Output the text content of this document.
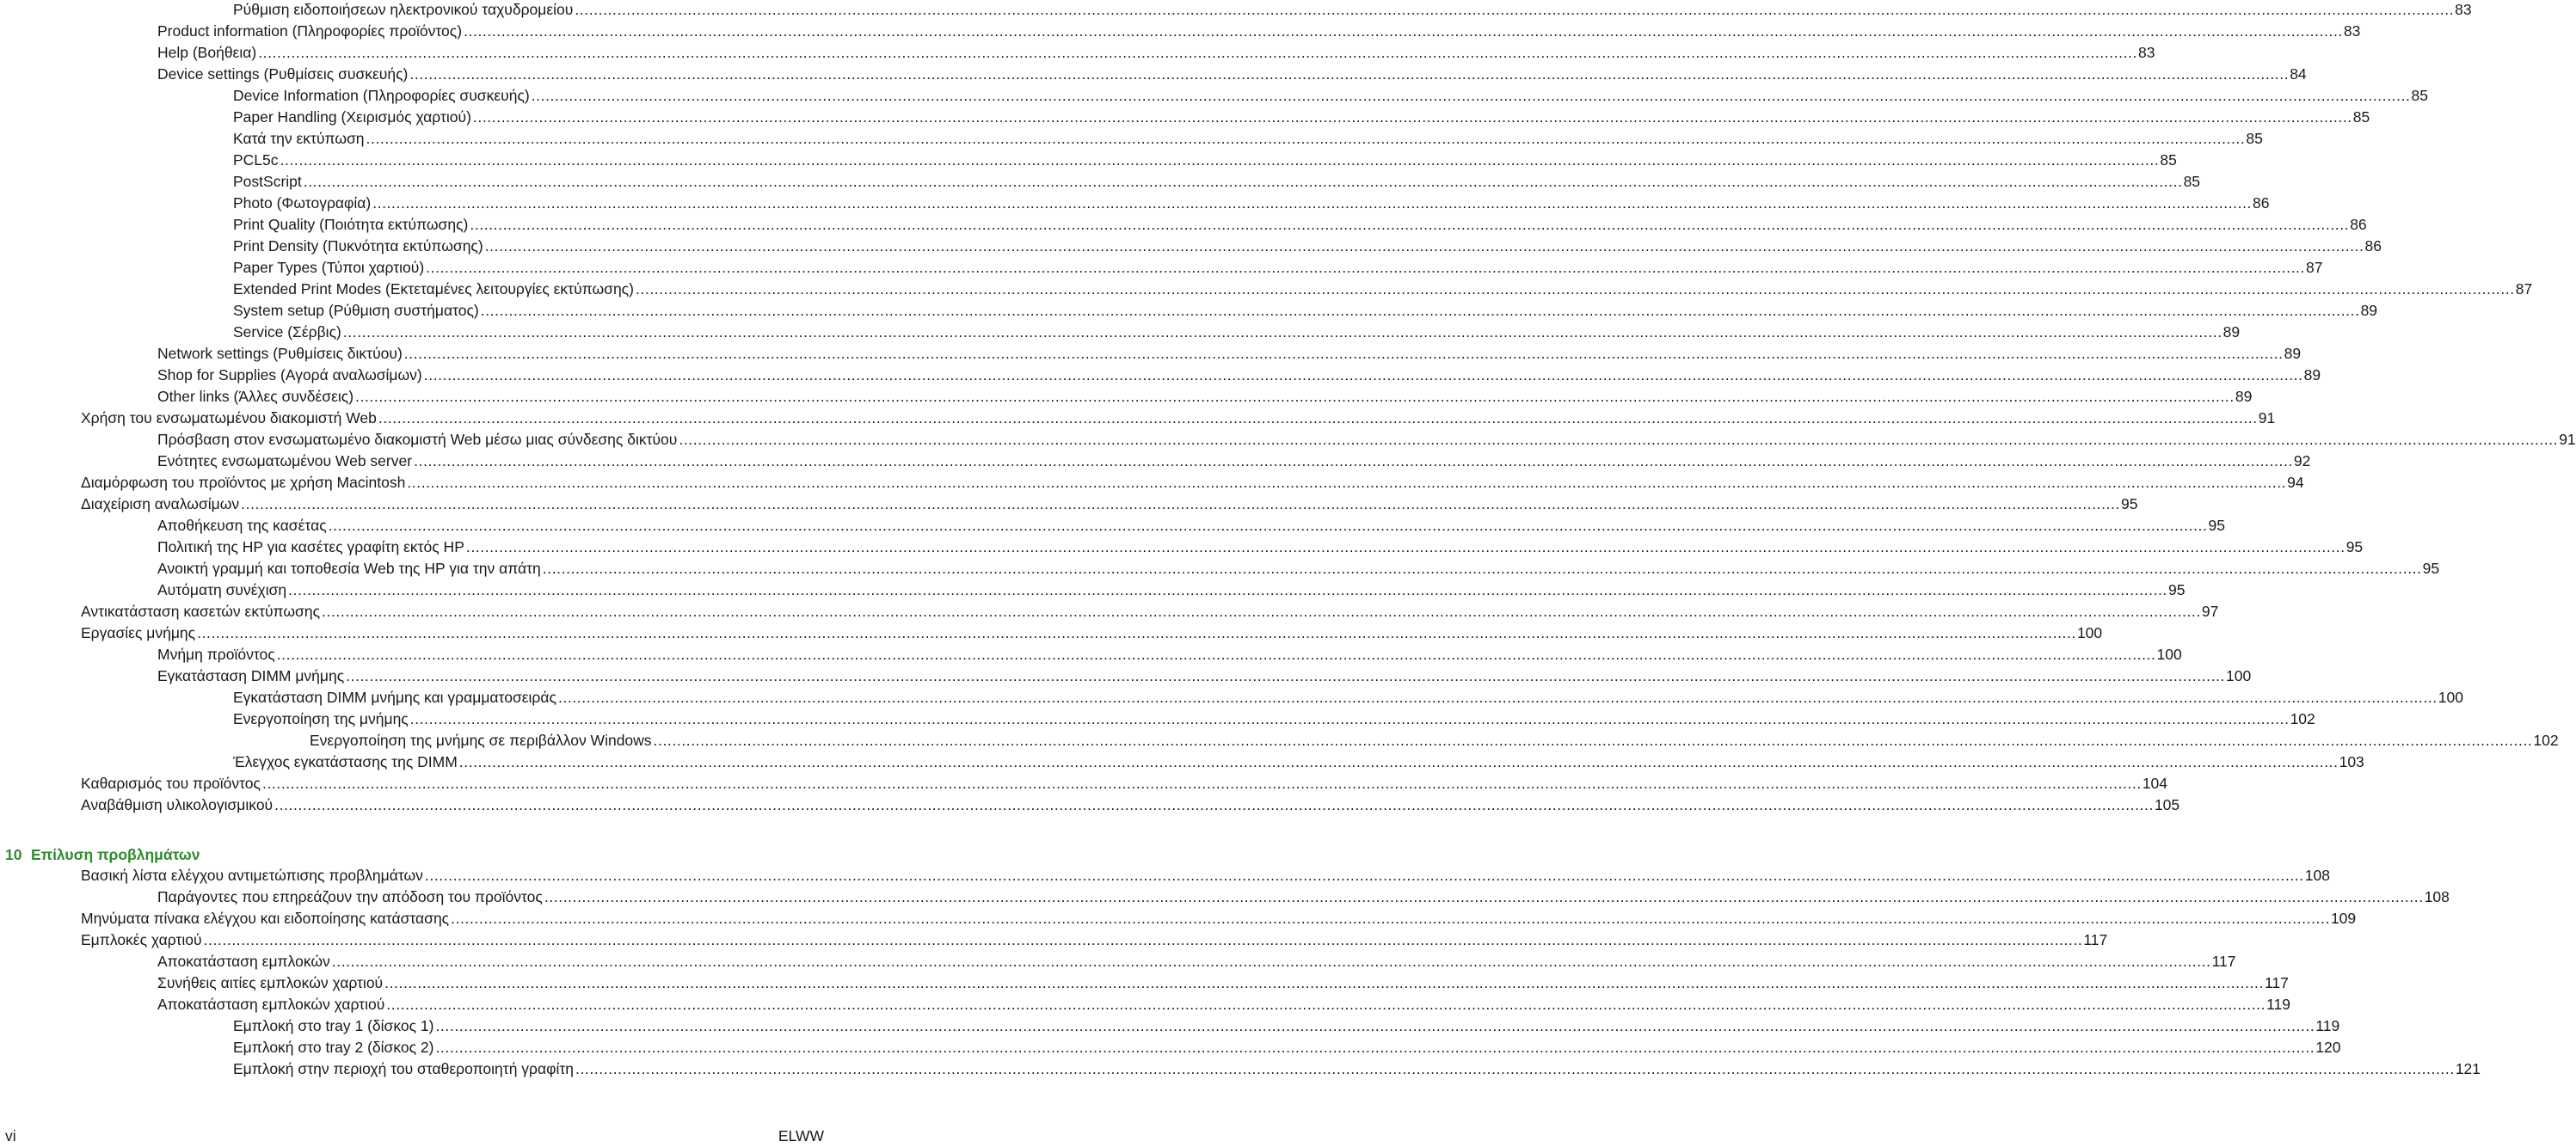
Ρύθμιση ειδοποιήσεων ηλεκτρονικού ταχυδρομείου ................................................................................................................................................................................................................................................................................................................................................................................................................ 83
Product information (Πληροφορίες προϊόντος) ................................................................................................................................................................................................................................................................................................................................................................................................................ 83
Help (Βοήθεια) ................................................................................................................................................................................................................................................................................................................................................................................................................ 83
Device settings (Ρυθμίσεις συσκευής) ................................................................................................................................................................................................................................................................................................................................................................................................................ 84
Device Information (Πληροφορίες συσκευής) ................................................................................................................................................................................................................................................................................................................................................................................................................ 85
Paper Handling (Χειρισμός χαρτιού) ................................................................................................................................................................................................................................................................................................................................................................................................................ 85
Κατά την εκτύπωση ................................................................................................................................................................................................................................................................................................................................................................................................................ 85
PCL5c ................................................................................................................................................................................................................................................................................................................................................................................................................ 85
PostScript ................................................................................................................................................................................................................................................................................................................................................................................................................ 85
Photo (Φωτογραφία) ................................................................................................................................................................................................................................................................................................................................................................................................................ 86
Print Quality (Ποιότητα εκτύπωσης) ................................................................................................................................................................................................................................................................................................................................................................................................................ 86
Print Density (Πυκνότητα εκτύπωσης) ................................................................................................................................................................................................................................................................................................................................................................................................................ 86
Paper Types (Τύποι χαρτιού) ................................................................................................................................................................................................................................................................................................................................................................................................................ 87
Extended Print Modes (Εκτεταμένες λειτουργίες εκτύπωσης) ................................................................................................................................................................................................................................................................................................................................................................................................................ 87
System setup (Ρύθμιση συστήματος) ................................................................................................................................................................................................................................................................................................................................................................................................................ 89
Service (Σέρβις) ................................................................................................................................................................................................................................................................................................................................................................................................................ 89
Network settings (Ρυθμίσεις δικτύου) ................................................................................................................................................................................................................................................................................................................................................................................................................ 89
Shop for Supplies (Αγορά αναλωσίμων) ................................................................................................................................................................................................................................................................................................................................................................................................................ 89
Other links (Άλλες συνδέσεις) ................................................................................................................................................................................................................................................................................................................................................................................................................ 89
Χρήση του ενσωματωμένου διακομιστή Web ................................................................................................................................................................................................................................................................................................................................................................................................................ 91
Πρόσβαση στον ενσωματωμένο διακομιστή Web μέσω μιας σύνδεσης δικτύου ................................................................................................................................................................................................................................................................................................................................................................................................................ 91
Ενότητες ενσωματωμένου Web server ................................................................................................................................................................................................................................................................................................................................................................................................................ 92
Διαμόρφωση του προϊόντος με χρήση Macintosh ................................................................................................................................................................................................................................................................................................................................................................................................................ 94
Διαχείριση αναλωσίμων ................................................................................................................................................................................................................................................................................................................................................................................................................ 95
Αποθήκευση της κασέτας ................................................................................................................................................................................................................................................................................................................................................................................................................ 95
Πολιτική της HP για κασέτες γραφίτη εκτός HP ................................................................................................................................................................................................................................................................................................................................................................................................................ 95
Ανοικτή γραμμή και τοποθεσία Web της HP για την απάτη ................................................................................................................................................................................................................................................................................................................................................................................................................ 95
Αυτόματη συνέχιση ................................................................................................................................................................................................................................................................................................................................................................................................................ 95
Αντικατάσταση κασετών εκτύπωσης ................................................................................................................................................................................................................................................................................................................................................................................................................ 97
Εργασίες μνήμης ................................................................................................................................................................................................................................................................................................................................................................................................................ 100
Μνήμη προϊόντος ................................................................................................................................................................................................................................................................................................................................................................................................................ 100
Εγκατάσταση DIMM μνήμης ................................................................................................................................................................................................................................................................................................................................................................................................................ 100
Εγκατάσταση DIMM μνήμης και γραμματοσειράς ................................................................................................................................................................................................................................................................................................................................................................................................................ 100
Ενεργοποίηση της μνήμης ................................................................................................................................................................................................................................................................................................................................................................................................................ 102
Ενεργοποίηση της μνήμης σε περιβάλλον Windows ................................................................................................................................................................................................................................................................................................................................................................................................................ 102
Έλεγχος εγκατάστασης της DIMM ................................................................................................................................................................................................................................................................................................................................................................................................................ 103
Καθαρισμός του προϊόντος ................................................................................................................................................................................................................................................................................................................................................................................................................ 104
Αναβάθμιση υλικολογισμικού ................................................................................................................................................................................................................................................................................................................................................................................................................ 105
10 Επίλυση προβλημάτων
Βασική λίστα ελέγχου αντιμετώπισης προβλημάτων ................................................................................................................................................................................................................................................................................................................................................................................................................ 108
Παράγοντες που επηρεάζουν την απόδοση του προϊόντος ................................................................................................................................................................................................................................................................................................................................................................................................................ 108
Μηνύματα πίνακα ελέγχου και ειδοποίησης κατάστασης ................................................................................................................................................................................................................................................................................................................................................................................................................ 109
Εμπλοκές χαρτιού ................................................................................................................................................................................................................................................................................................................................................................................................................ 117
Αποκατάσταση εμπλοκών ................................................................................................................................................................................................................................................................................................................................................................................................................ 117
Συνήθεις αιτίες εμπλοκών χαρτιού ................................................................................................................................................................................................................................................................................................................................................................................................................ 117
Αποκατάσταση εμπλοκών χαρτιού ................................................................................................................................................................................................................................................................................................................................................................................................................ 119
Εμπλοκή στο tray 1 (δίσκος 1) ................................................................................................................................................................................................................................................................................................................................................................................................................ 119
Εμπλοκή στο tray 2 (δίσκος 2) ................................................................................................................................................................................................................................................................................................................................................................................................................ 120
Εμπλοκή στην περιοχή του σταθεροποιητή γραφίτη ................................................................................................................................................................................................................................................................................................................................................................................................................ 121
vi	ELWW
